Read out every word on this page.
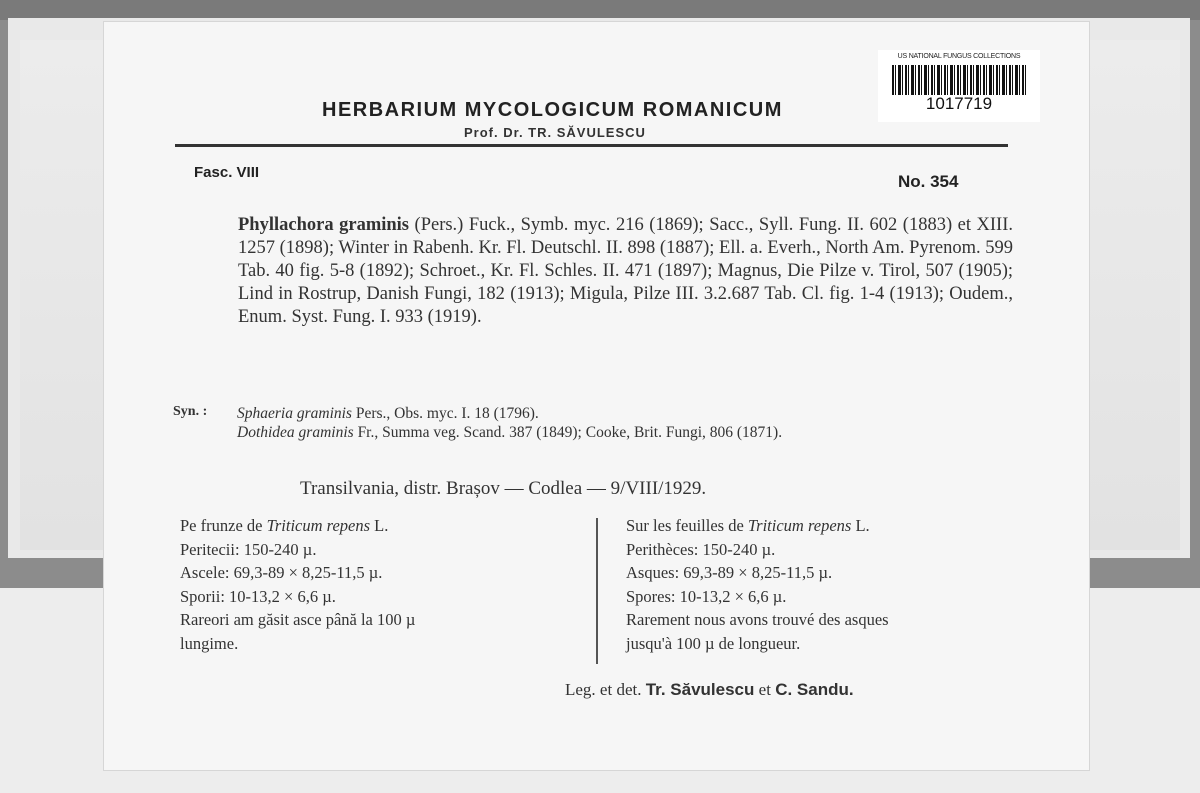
US NATIONAL FUNGUS COLLECTIONS
1017719
HERBARIUM MYCOLOGICUM ROMANICUM
Prof. Dr. TR. SĂVULESCU
Fasc. VIII	No. 354
Phyllachora graminis (Pers.) Fuck., Symb. myc. 216 (1869); Sacc., Syll. Fung. II. 602 (1883) et XIII. 1257 (1898); Winter in Rabenh. Kr. Fl. Deutschl. II. 898 (1887); Ell. a. Everh., North Am. Pyrenom. 599 Tab. 40 fig. 5-8 (1892); Schroet., Kr. Fl. Schles. II. 471 (1897); Magnus, Die Pilze v. Tirol, 507 (1905); Lind in Rostrup, Danish Fungi, 182 (1913); Migula, Pilze III. 3.2.687 Tab. Cl. fig. 1-4 (1913); Oudem., Enum. Syst. Fung. I. 933 (1919).
Syn. : Sphaeria graminis Pers., Obs. myc. I. 18 (1796).
Dothidea graminis Fr., Summa veg. Scand. 387 (1849); Cooke, Brit. Fungi, 806 (1871).
Transilvania, distr. Brașov — Codlea — 9/VIII/1929.
Pe frunze de Triticum repens L.
Peritecii: 150-240 µ.
Ascele: 69,3-89 × 8,25-11,5 µ.
Sporii: 10-13,2 × 6,6 µ.
Rareori am găsit asce până la 100 µ
lungime.
Sur les feuilles de Triticum repens L.
Perithèces: 150-240 µ.
Asques: 69,3-89 × 8,25-11,5 µ.
Spores: 10-13,2 × 6,6 µ.
Rarement nous avons trouvé des asques
jusqu'à 100 µ de longueur.
Leg. et det. Tr. Săvulescu et C. Sandu.
